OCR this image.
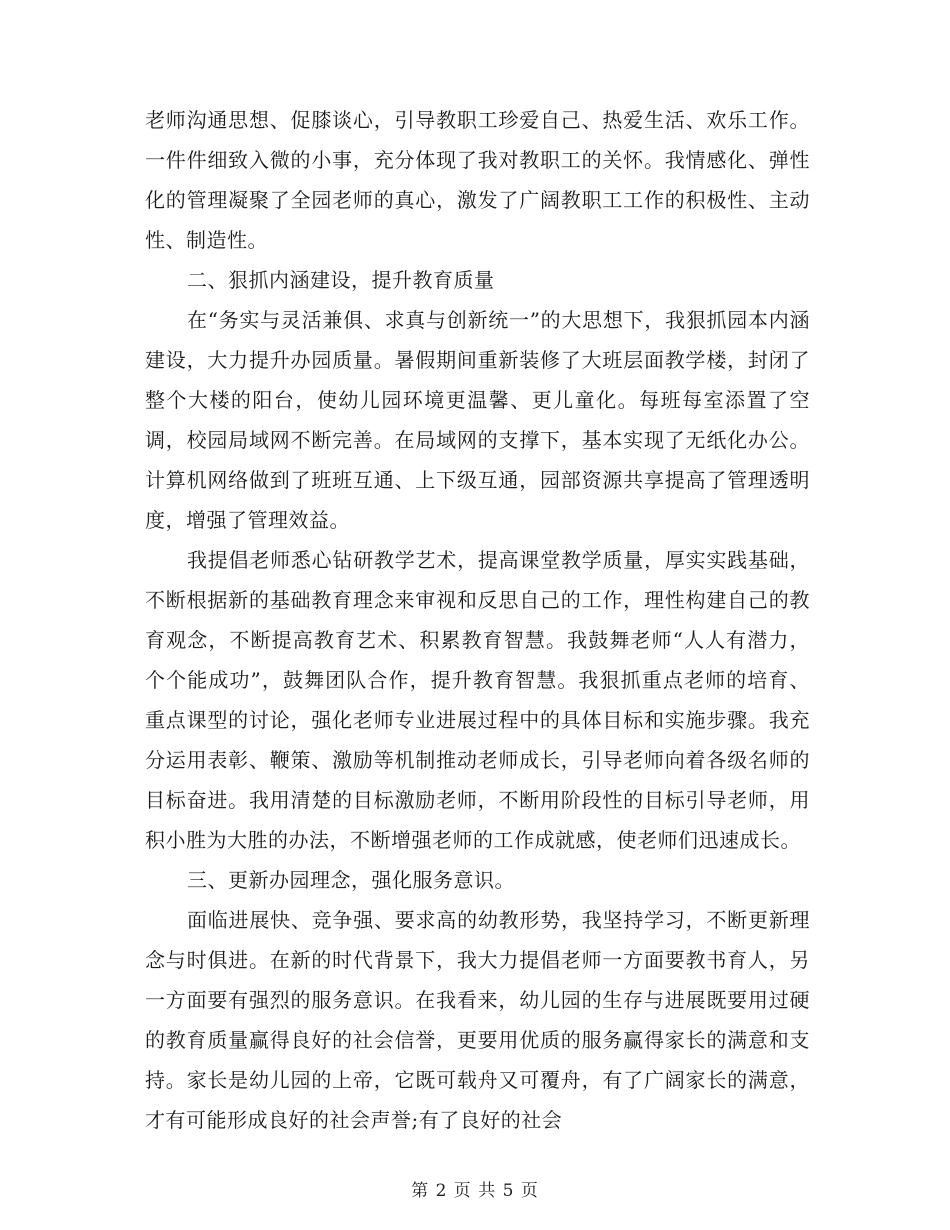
老师沟通思想、促膝谈心，引导教职工珍爱自己、热爱生活、欢乐工作。一件件细致入微的小事，充分体现了我对教职工的关怀。我情感化、弹性化的管理凝聚了全园老师的真心，激发了广阔教职工工作的积极性、主动性、制造性。

二、狠抓内涵建设，提升教育质量

在“务实与灵活兼俱、求真与创新统一”的大思想下，我狠抓园本内涵建设，大力提升办园质量。暑假期间重新装修了大班层面教学楼，封闭了整个大楼的阳台，使幼儿园环境更温馨、更儿童化。每班每室添置了空调，校园局域网不断完善。在局域网的支撑下，基本实现了无纸化办公。计算机网络做到了班班互通、上下级互通，园部资源共享提高了管理透明度，增强了管理效益。

我提倡老师悉心钻研教学艺术，提高课堂教学质量，厚实实践基础，不断根据新的基础教育理念来审视和反思自己的工作，理性构建自己的教育观念，不断提高教育艺术、积累教育智慧。我鼓舞老师“人人有潜力，个个能成功”，鼓舞团队合作，提升教育智慧。我狠抓重点老师的培育、重点课型的讨论，强化老师专业进展过程中的具体目标和实施步骤。我充分运用表彰、鞭策、激励等机制推动老师成长，引导老师向着各级名师的目标奋进。我用清楚的目标激励老师，不断用阶段性的目标引导老师，用积小胜为大胜的办法，不断增强老师的工作成就感，使老师们迅速成长。

三、更新办园理念，强化服务意识。

面临进展快、竞争强、要求高的幼教形势，我坚持学习，不断更新理念与时俱进。在新的时代背景下，我大力提倡老师一方面要教书育人，另一方面要有强烈的服务意识。在我看来，幼儿园的生存与进展既要用过硬的教育质量赢得良好的社会信誉，更要用优质的服务赢得家长的满意和支持。家长是幼儿园的上帝，它既可载舟又可覆舟，有了广阔家长的满意，才有可能形成良好的社会声誉;有了良好的社会

第 2 页 共 5 页
